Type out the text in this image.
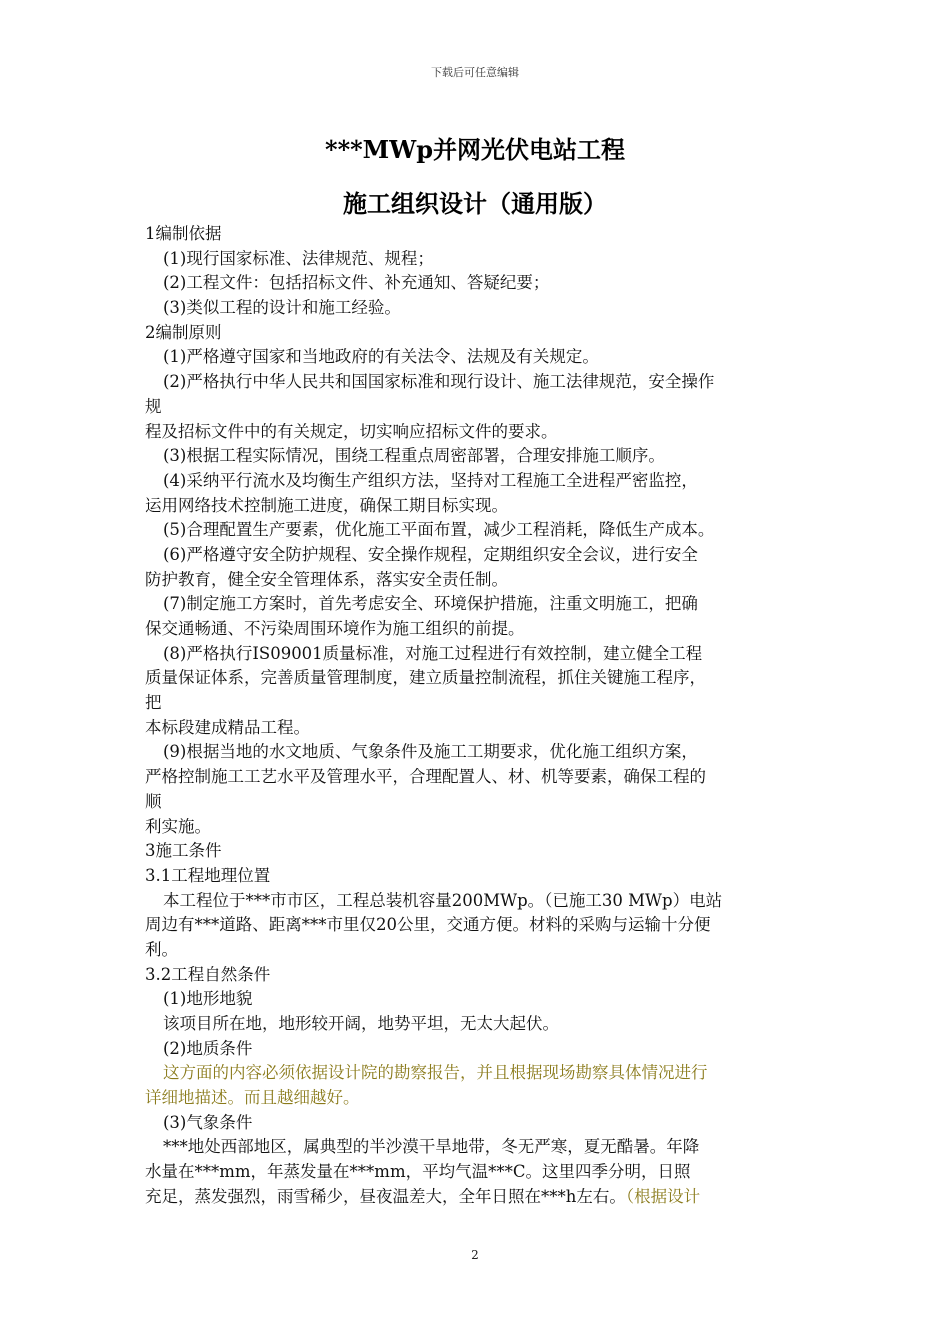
下载后可任意编辑
***MWp并网光伏电站工程
施工组织设计（通用版）
1编制依据
(1)现行国家标准、法律规范、规程；
(2)工程文件：包括招标文件、补充通知、答疑纪要；
(3)类似工程的设计和施工经验。
2编制原则
(1)严格遵守国家和当地政府的有关法令、法规及有关规定。
(2)严格执行中华人民共和国国家标准和现行设计、施工法律规范，安全操作
规
程及招标文件中的有关规定，切实响应招标文件的要求。
(3)根据工程实际情况，围绕工程重点周密部署，合理安排施工顺序。
(4)采纳平行流水及均衡生产组织方法，坚持对工程施工全进程严密监控，
运用网络技术控制施工进度，确保工期目标实现。
(5)合理配置生产要素，优化施工平面布置，减少工程消耗，降低生产成本。
(6)严格遵守安全防护规程、安全操作规程，定期组织安全会议，进行安全
防护教育，健全安全管理体系，落实安全责任制。
(7)制定施工方案时，首先考虑安全、环境保护措施，注重文明施工，把确
保交通畅通、不污染周围环境作为施工组织的前提。
(8)严格执行IS09001质量标准，对施工过程进行有效控制，建立健全工程
质量保证体系，完善质量管理制度，建立质量控制流程，抓住关键施工程序，
把
本标段建成精品工程。
(9)根据当地的水文地质、气象条件及施工工期要求，优化施工组织方案，
严格控制施工工艺水平及管理水平，合理配置人、材、机等要素，确保工程的
顺
利实施。
3施工条件
3.1工程地理位置
本工程位于***市市区，工程总装机容量200MWp。（已施工30 MWp）电站
周边有***道路、距离***市里仅20公里，交通方便。材料的采购与运输十分便
利。
3.2工程自然条件
(1)地形地貌
该项目所在地，地形较开阔，地势平坦，无太大起伏。
(2)地质条件
这方面的内容必须依据设计院的勘察报告，并且根据现场勘察具体情况进行
详细地描述。而且越细越好。
(3)气象条件
***地处西部地区，属典型的半沙漠干旱地带，冬无严寒，夏无酷暑。年降
水量在***mm，年蒸发量在***mm，平均气温***C。这里四季分明，日照
充足，蒸发强烈，雨雪稀少，昼夜温差大，全年日照在***h左右。（根据设计
2
